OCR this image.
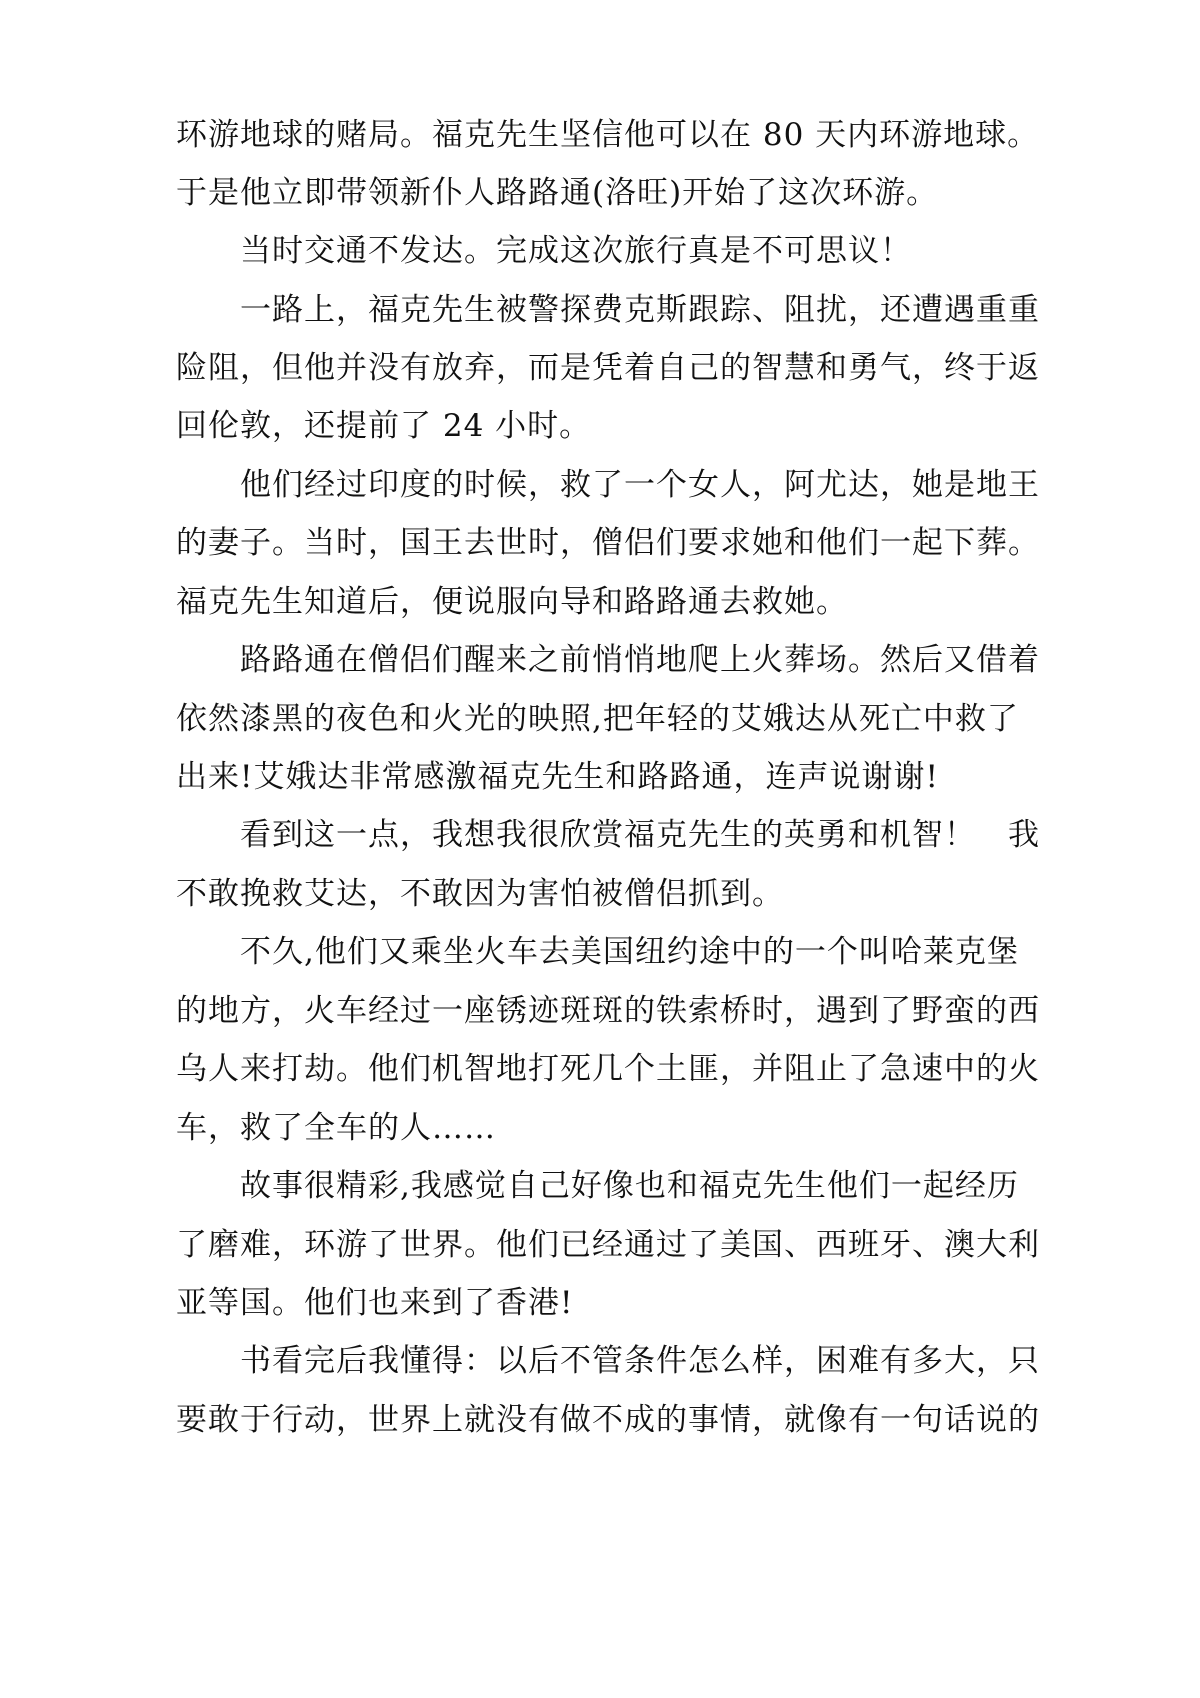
环游地球的赌局。福克先生坚信他可以在 80 天内环游地球。
于是他立即带领新仆人路路通(洛旺)开始了这次环游。
当时交通不发达。完成这次旅行真是不可思议！
一路上，福克先生被警探费克斯跟踪、阻扰，还遭遇重重
险阻，但他并没有放弃，而是凭着自己的智慧和勇气，终于返
回伦敦，还提前了 24 小时。
他们经过印度的时候，救了一个女人，阿尤达，她是地王
的妻子。当时，国王去世时，僧侣们要求她和他们一起下葬。
福克先生知道后，便说服向导和路路通去救她。
路路通在僧侣们醒来之前悄悄地爬上火葬场。然后又借着
依然漆黑的夜色和火光的映照,把年轻的艾娥达从死亡中救了
出来!艾娥达非常感激福克先生和路路通，连声说谢谢!
看到这一点，我想我很欣赏福克先生的英勇和机智！　我
不敢挽救艾达，不敢因为害怕被僧侣抓到。
不久,他们又乘坐火车去美国纽约途中的一个叫哈莱克堡
的地方，火车经过一座锈迹斑斑的铁索桥时，遇到了野蛮的西
乌人来打劫。他们机智地打死几个土匪，并阻止了急速中的火
车，救了全车的人……
故事很精彩,我感觉自己好像也和福克先生他们一起经历
了磨难，环游了世界。他们已经通过了美国、西班牙、澳大利
亚等国。他们也来到了香港!
书看完后我懂得：以后不管条件怎么样，困难有多大，只
要敢于行动，世界上就没有做不成的事情，就像有一句话说的
